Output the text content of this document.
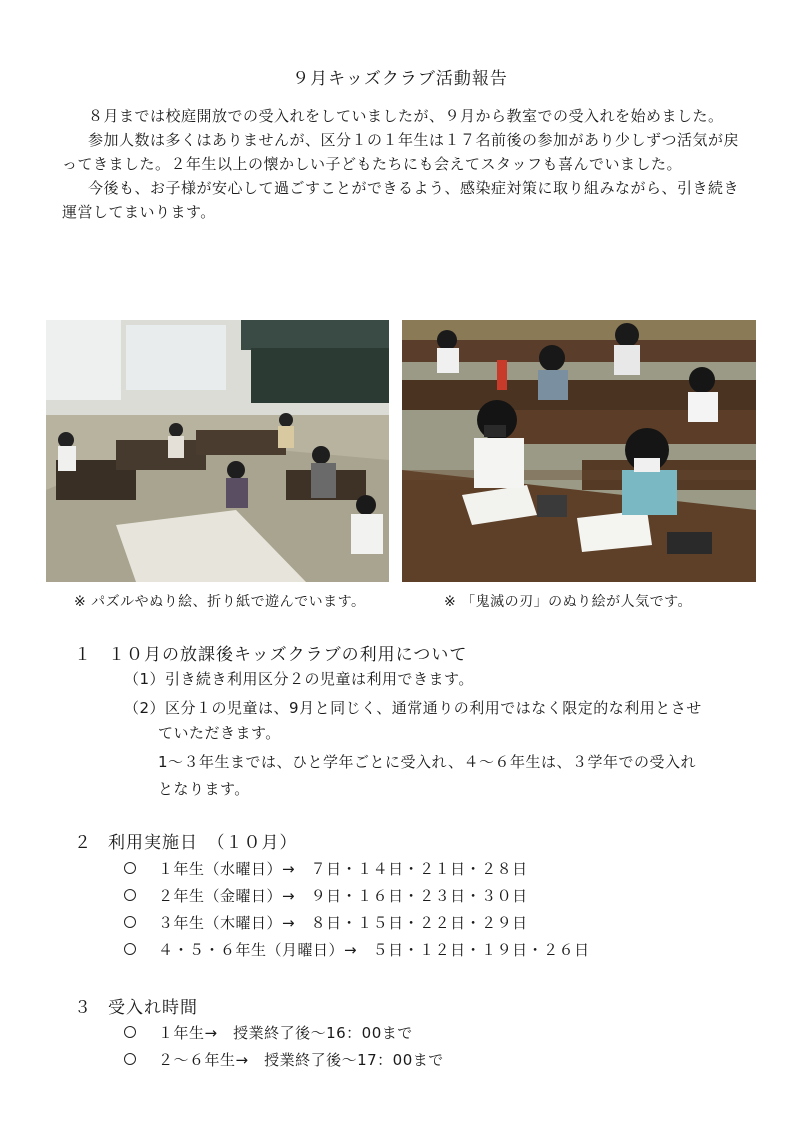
９月キッズクラブ活動報告

８月までは校庭開放での受入れをしていましたが、９月から教室での受入れを始めました。

参加人数は多くはありませんが、区分１の１年生は１７名前後の参加があり少しずつ活気が戻ってきました。２年生以上の懐かしい子どもたちにも会えてスタッフも喜んでいました。

今後も、お子様が安心して過ごすことができるよう、感染症対策に取り組みながら、引き続き運営してまいります。

※ パズルやぬり絵、折り紙で遊んでいます。	※ 「鬼滅の刃」のぬり絵が人気です。
１ １０月の放課後キッズクラブの利用について
（1）引き続き利用区分２の児童は利用できます。
（2）区分１の児童は、9月と同じく、通常通りの利用ではなく限定的な利用とさせ
ていただきます。
1～３年生までは、ひと学年ごとに受入れ、４～６年生は、３学年での受入れ
となります。
２ 利用実施日　（１０月）
１年生（水曜日）→　７日・１４日・２１日・２８日
２年生（金曜日）→　９日・１６日・２３日・３０日
３年生（木曜日）→　８日・１５日・２２日・２９日
４・５・６年生（月曜日）→　５日・１２日・１９日・２６日
３ 受入れ時間
１年生→　授業終了後～16：00まで
２～６年生→　授業終了後～17：00まで
